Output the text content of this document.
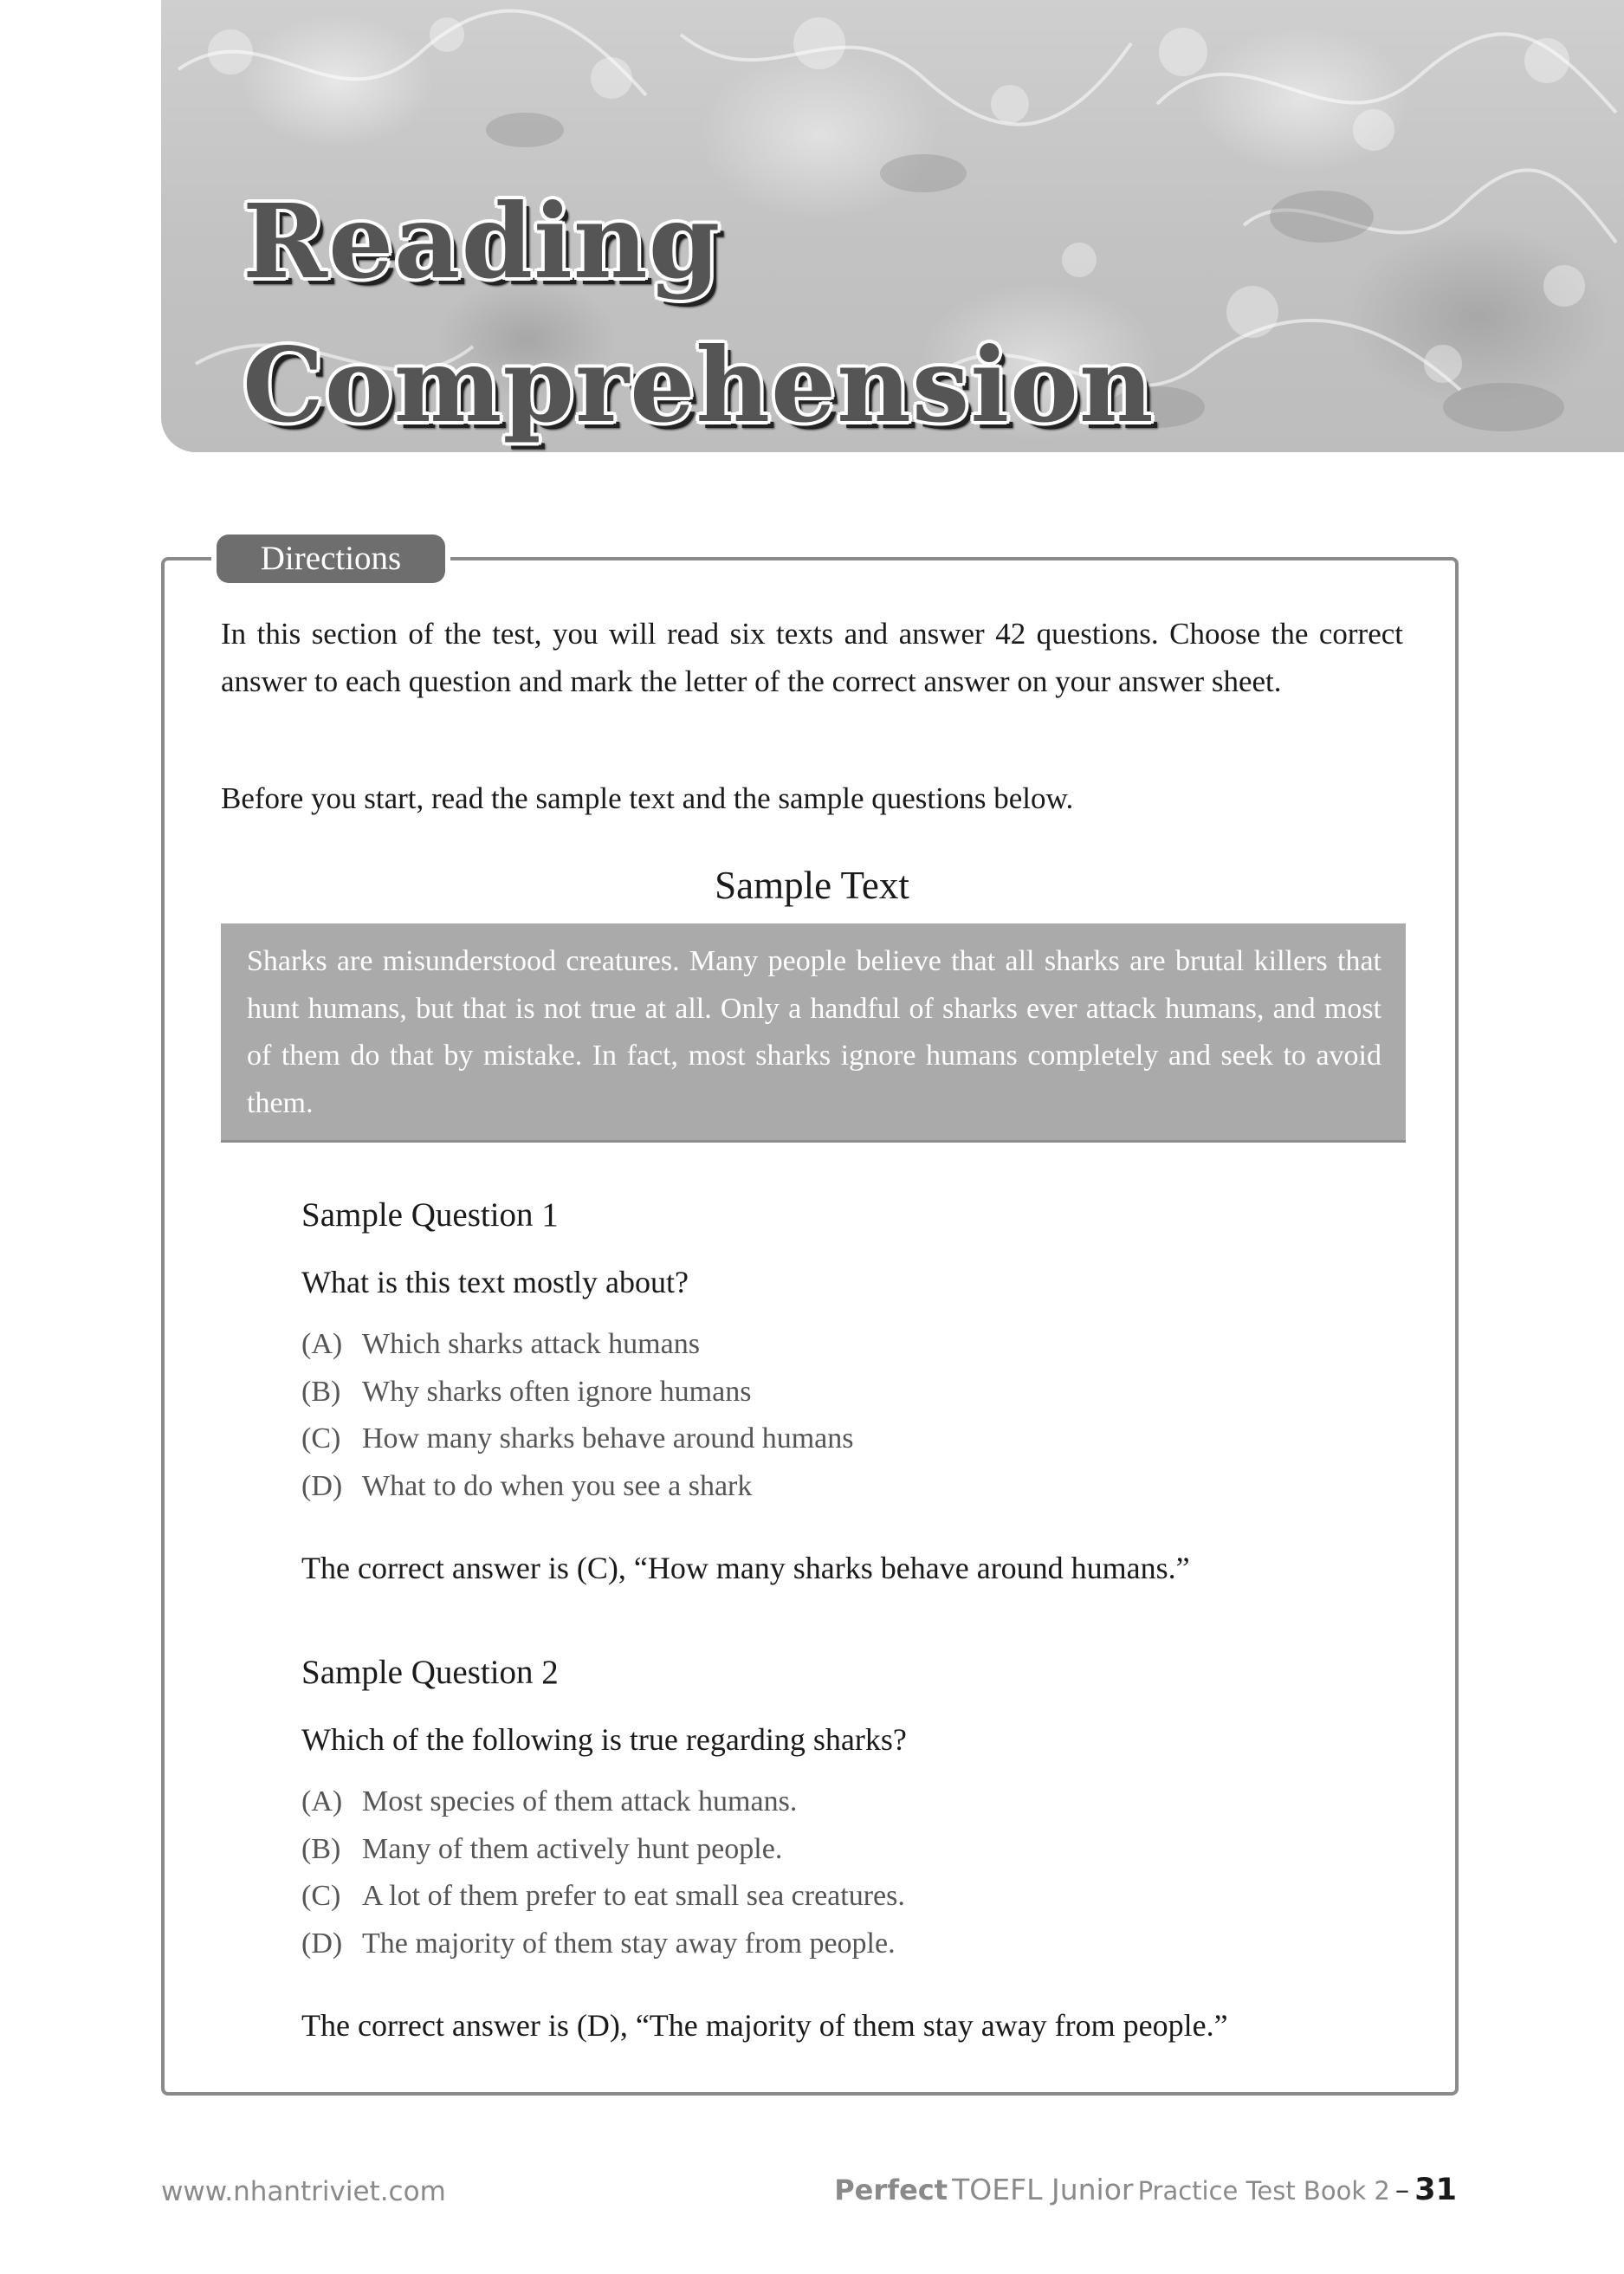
Reading
Comprehension
Directions

In this section of the test, you will read six texts and answer 42 questions. Choose the correct answer to each question and mark the letter of the correct answer on your answer sheet.

Before you start, read the sample text and the sample questions below.

Sample Text

Sharks are misunderstood creatures. Many people believe that all sharks are brutal killers that hunt humans, but that is not true at all. Only a handful of sharks ever attack humans, and most of them do that by mistake. In fact, most sharks ignore humans completely and seek to avoid them.

Sample Question 1

What is this text mostly about?

(A) Which sharks attack humans
(B) Why sharks often ignore humans
(C) How many sharks behave around humans
(D) What to do when you see a shark

The correct answer is (C), “How many sharks behave around humans.”

Sample Question 2

Which of the following is true regarding sharks?

(A) Most species of them attack humans.
(B) Many of them actively hunt people.
(C) A lot of them prefer to eat small sea creatures.
(D) The majority of them stay away from people.

The correct answer is (D), “The majority of them stay away from people.”

www.nhantriviet.com	Perfect TOEFL Junior Practice Test Book 2 – 31
